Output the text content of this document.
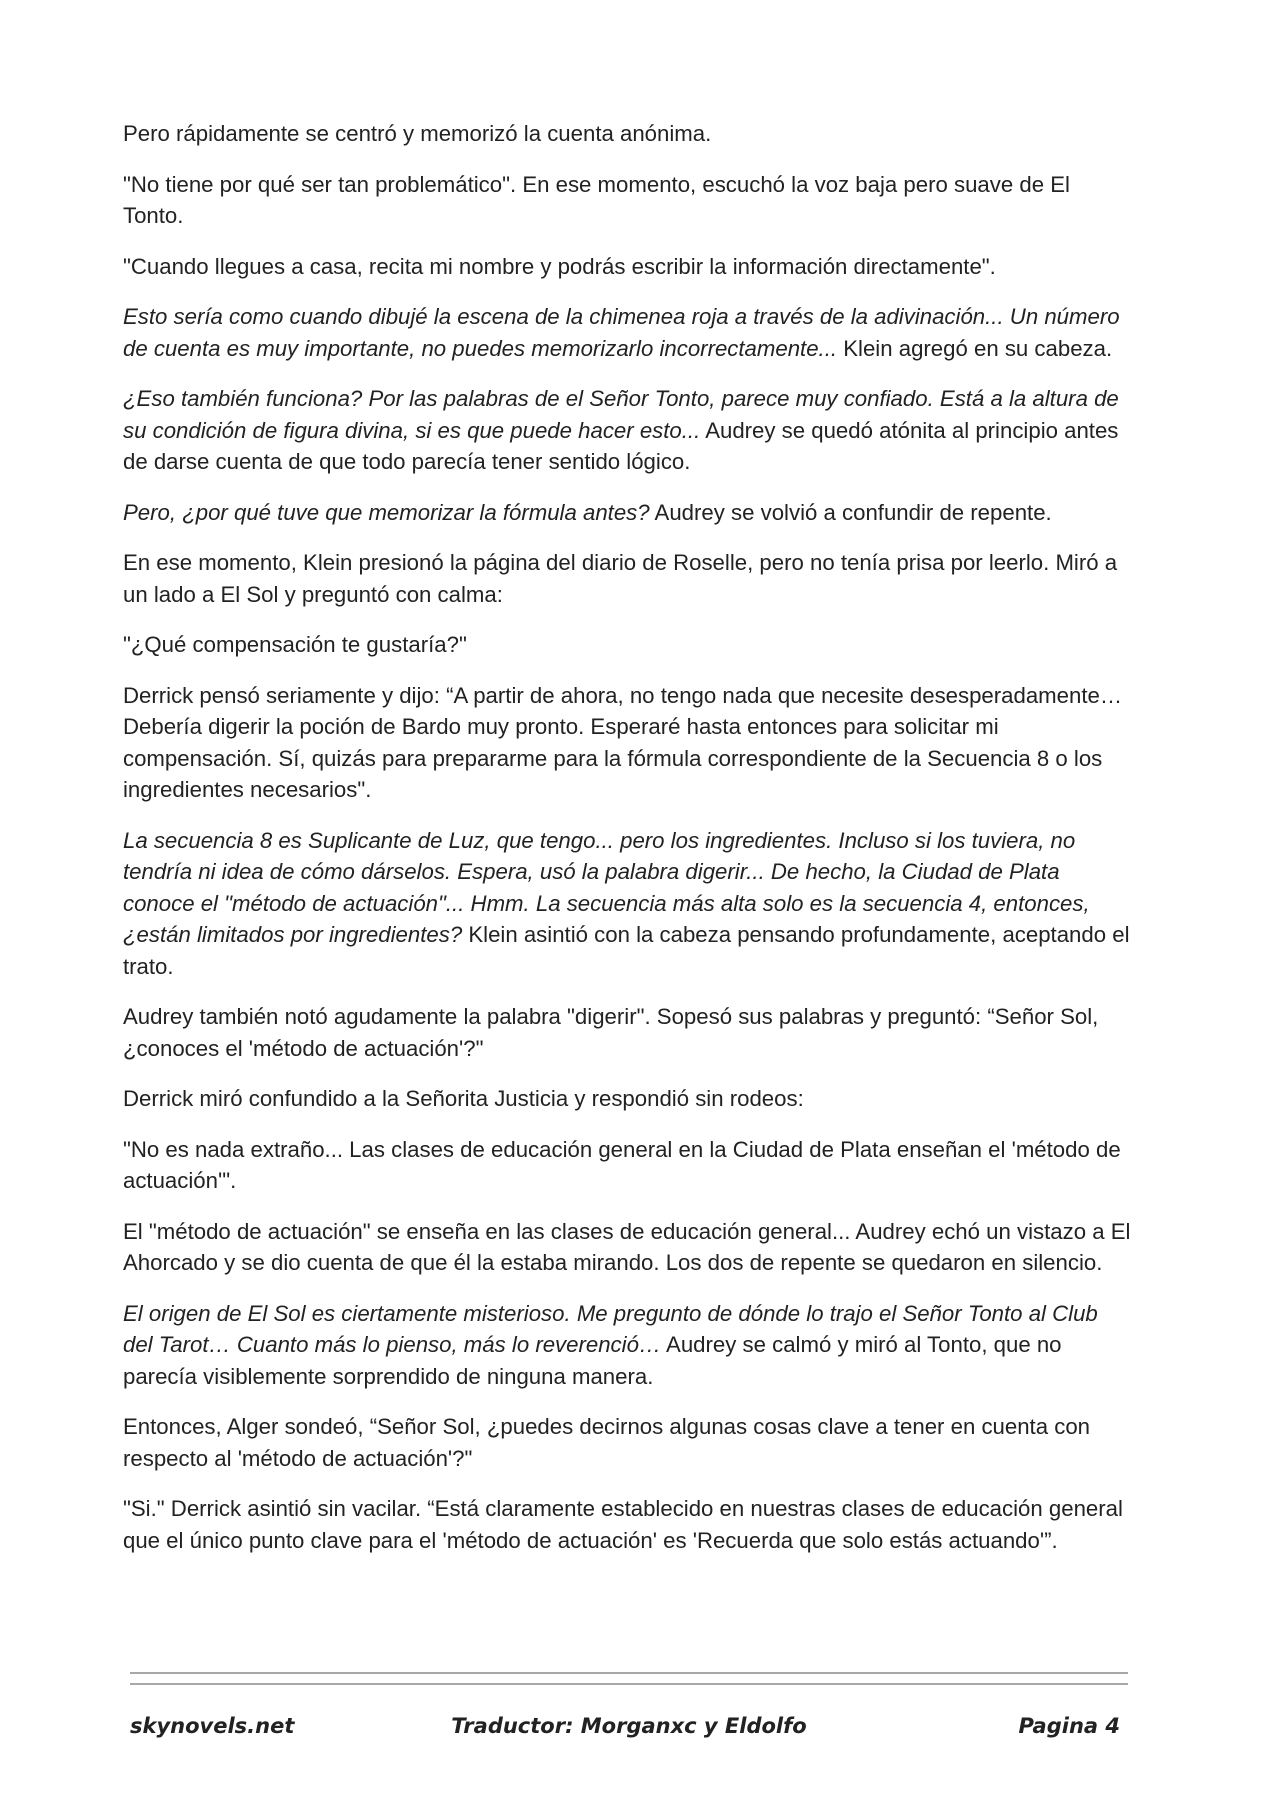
Pero rápidamente se centró y memorizó la cuenta anónima.

"No tiene por qué ser tan problemático". En ese momento, escuchó la voz baja pero suave de El Tonto.

"Cuando llegues a casa, recita mi nombre y podrás escribir la información directamente".

Esto sería como cuando dibujé la escena de la chimenea roja a través de la adivinación... Un número de cuenta es muy importante, no puedes memorizarlo incorrectamente... Klein agregó en su cabeza.

¿Eso también funciona? Por las palabras de el Señor Tonto, parece muy confiado. Está a la altura de su condición de figura divina, si es que puede hacer esto... Audrey se quedó atónita al principio antes de darse cuenta de que todo parecía tener sentido lógico.

Pero, ¿por qué tuve que memorizar la fórmula antes? Audrey se volvió a confundir de repente.

En ese momento, Klein presionó la página del diario de Roselle, pero no tenía prisa por leerlo. Miró a un lado a El Sol y preguntó con calma:

"¿Qué compensación te gustaría?"

Derrick pensó seriamente y dijo: “A partir de ahora, no tengo nada que necesite desesperadamente… Debería digerir la poción de Bardo muy pronto. Esperaré hasta entonces para solicitar mi compensación. Sí, quizás para prepararme para la fórmula correspondiente de la Secuencia 8 o los ingredientes necesarios".

La secuencia 8 es Suplicante de Luz, que tengo... pero los ingredientes. Incluso si los tuviera, no tendría ni idea de cómo dárselos. Espera, usó la palabra digerir... De hecho, la Ciudad de Plata conoce el "método de actuación"... Hmm. La secuencia más alta solo es la secuencia 4, entonces, ¿están limitados por ingredientes? Klein asintió con la cabeza pensando profundamente, aceptando el trato.

Audrey también notó agudamente la palabra "digerir". Sopesó sus palabras y preguntó: “Señor Sol, ¿conoces el 'método de actuación'?"

Derrick miró confundido a la Señorita Justicia y respondió sin rodeos:

"No es nada extraño... Las clases de educación general en la Ciudad de Plata enseñan el 'método de actuación'".

El "método de actuación" se enseña en las clases de educación general... Audrey echó un vistazo a El Ahorcado y se dio cuenta de que él la estaba mirando. Los dos de repente se quedaron en silencio.

El origen de El Sol es ciertamente misterioso. Me pregunto de dónde lo trajo el Señor Tonto al Club del Tarot… Cuanto más lo pienso, más lo reverenció… Audrey se calmó y miró al Tonto, que no parecía visiblemente sorprendido de ninguna manera.

Entonces, Alger sondeó, “Señor Sol, ¿puedes decirnos algunas cosas clave a tener en cuenta con respecto al 'método de actuación'?"

"Si." Derrick asintió sin vacilar. “Está claramente establecido en nuestras clases de educación general que el único punto clave para el 'método de actuación' es 'Recuerda que solo estás actuando'”.

skynovels.net	Traductor: Morganxc y Eldolfo	Pagina 4
